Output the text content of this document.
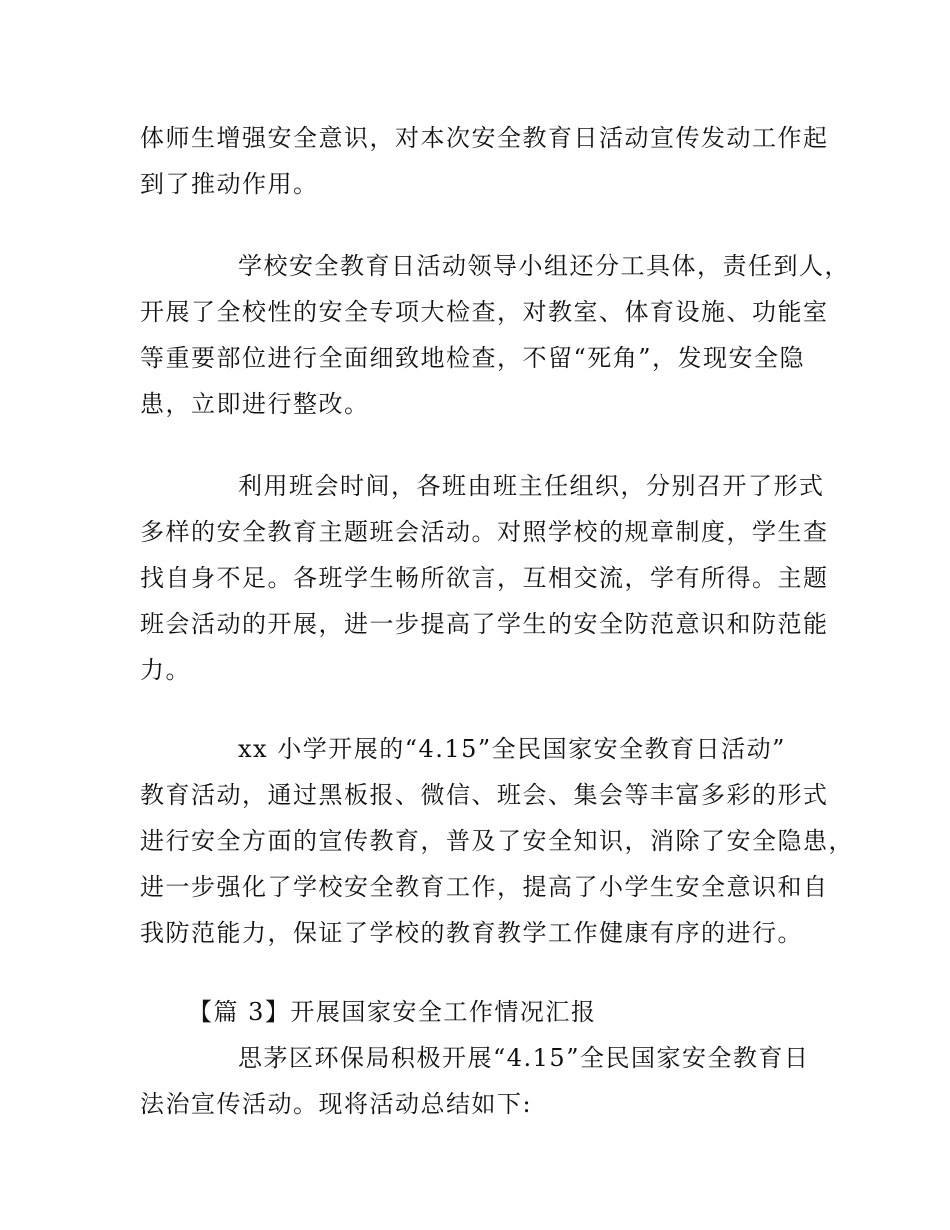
体师生增强安全意识，对本次安全教育日活动宣传发动工作起
到了推动作用。
学校安全教育日活动领导小组还分工具体，责任到人，
开展了全校性的安全专项大检查，对教室、体育设施、功能室
等重要部位进行全面细致地检查，不留“死角”，发现安全隐
患，立即进行整改。
利用班会时间，各班由班主任组织，分别召开了形式
多样的安全教育主题班会活动。对照学校的规章制度，学生查
找自身不足。各班学生畅所欲言，互相交流，学有所得。主题
班会活动的开展，进一步提高了学生的安全防范意识和防范能
力。
xx 小学开展的“4.15”全民国家安全教育日活动”
教育活动，通过黑板报、微信、班会、集会等丰富多彩的形式
进行安全方面的宣传教育，普及了安全知识，消除了安全隐患，
进一步强化了学校安全教育工作，提高了小学生安全意识和自
我防范能力，保证了学校的教育教学工作健康有序的进行。
【篇 3】开展国家安全工作情况汇报
思茅区环保局积极开展“4.15”全民国家安全教育日
法治宣传活动。现将活动总结如下:
